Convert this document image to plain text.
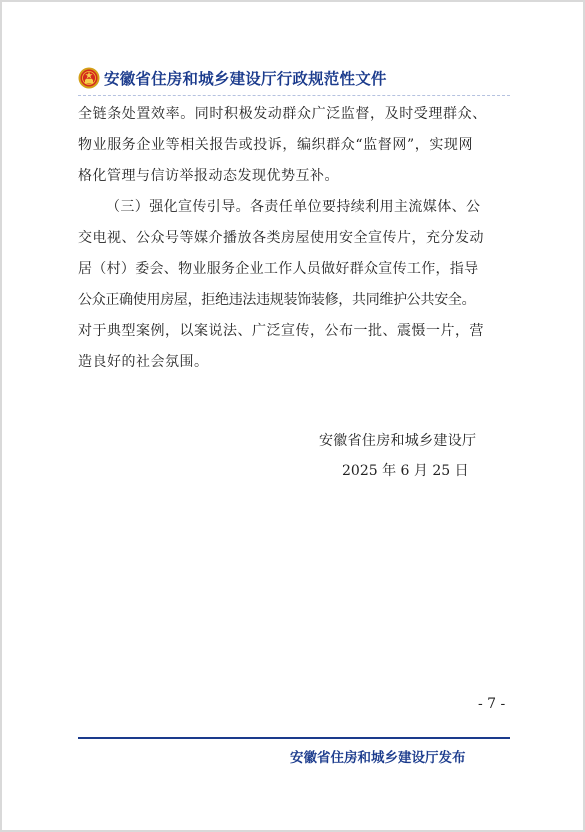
安徽省住房和城乡建设厅行政规范性文件
全链条处置效率。同时积极发动群众广泛监督，及时受理群众、
物业服务企业等相关报告或投诉，编织群众“监督网”，实现网
格化管理与信访举报动态发现优势互补。
（三）强化宣传引导。各责任单位要持续利用主流媒体、公
交电视、公众号等媒介播放各类房屋使用安全宣传片，充分发动
居（村）委会、物业服务企业工作人员做好群众宣传工作，指导
公众正确使用房屋，拒绝违法违规装饰装修，共同维护公共安全。
对于典型案例，以案说法、广泛宣传，公布一批、震慑一片，营
造良好的社会氛围。
安徽省住房和城乡建设厅
2025 年 6 月 25 日
- 7 -
安徽省住房和城乡建设厅发布
